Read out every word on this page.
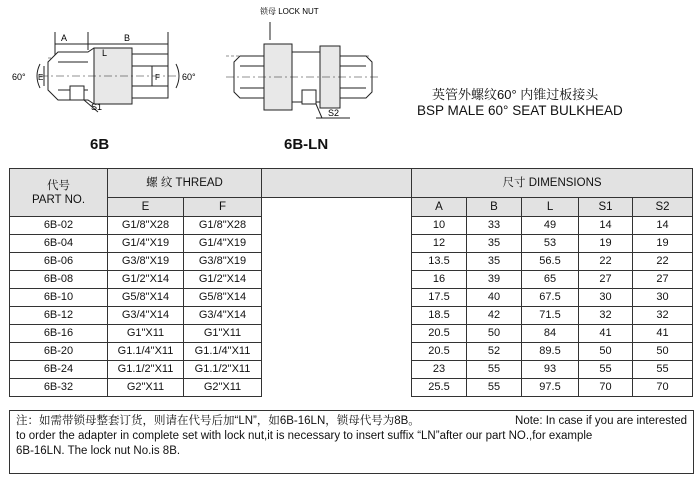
A	B
L
E	F
S1
60°	60°
锁母 LOCK NUT
S2
6B	6B-LN
英管外螺纹60° 内锥过板接头
BSP MALE 60° SEAT BULKHEAD
代号
PART NO.	螺 纹 THREAD			尺寸 DIMENSIONS				
	E	F		A	B	L	S1	S2
6B-02	G1/8"X28	G1/8"X28		10	33	49	14	14
6B-04	G1/4"X19	G1/4"X19		12	35	53	19	19
6B-06	G3/8"X19	G3/8"X19		13.5	35	56.5	22	22
6B-08	G1/2"X14	G1/2"X14		16	39	65	27	27
6B-10	G5/8"X14	G5/8"X14		17.5	40	67.5	30	30
6B-12	G3/4"X14	G3/4"X14		18.5	42	71.5	32	32
6B-16	G1"X11	G1"X11		20.5	50	84	41	41
6B-20	G1.1/4"X11	G1.1/4"X11		20.5	52	89.5	50	50
6B-24	G1.1/2"X11	G1.1/2"X11		23	55	93	55	55
6B-32	G2"X11	G2"X11		25.5	55	97.5	70	70
注：如需带锁母整套订货，则请在代号后加“LN”，如6B-16LN，锁母代号为8B。	Note: In case if you are interested
to order the adapter in complete set with lock nut,it is necessary to insert suffix “LN”after our part NO.,for example
6B-16LN. The lock nut No.is 8B.
